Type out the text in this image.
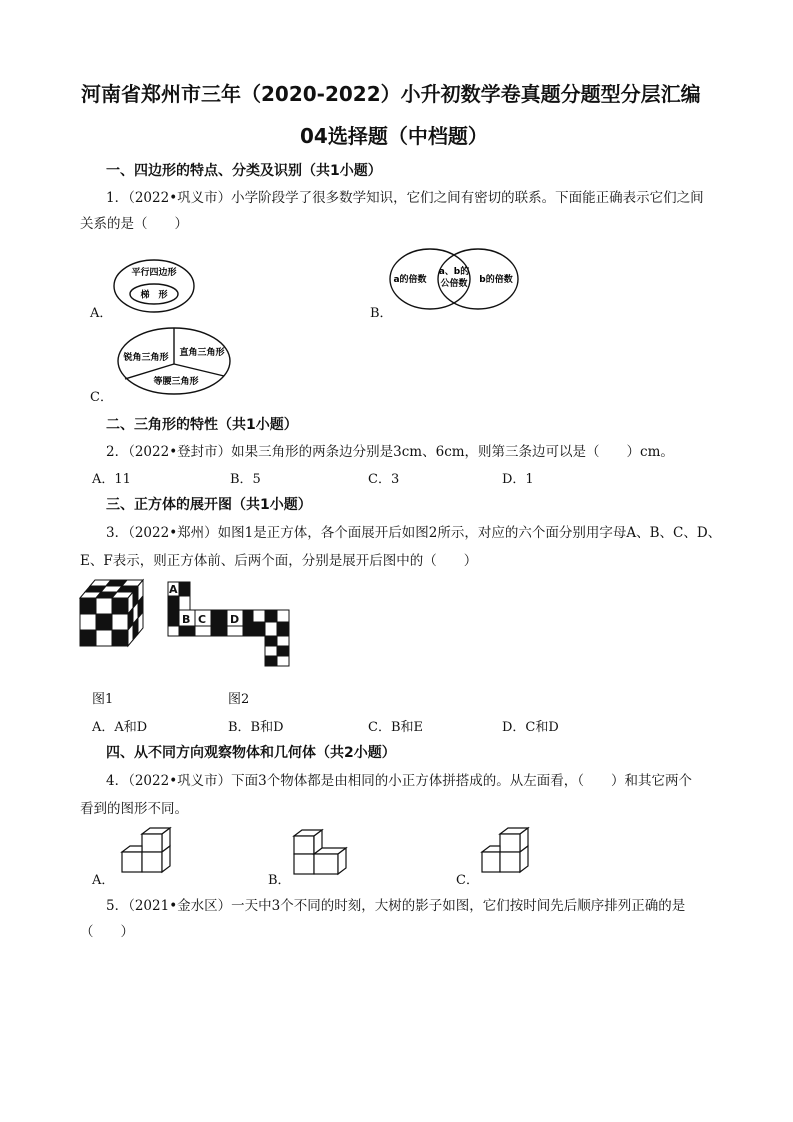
河南省郑州市三年（2020-2022）小升初数学卷真题分题型分层汇编
04选择题（中档题）
一、四边形的特点、分类及识别（共1小题）
1．（2022•巩义市）小学阶段学了很多数学知识，它们之间有密切的联系。下面能正确表示它们之间
关系的是（　　）
A．
平行四边形
梯　形
B．
a的倍数
a、b的
公倍数 b的倍数
C．
锐角三角形 直角三角形
等腰三角形
二、三角形的特性（共1小题）
2．（2022•登封市）如果三角形的两条边分别是3cm、6cm，则第三条边可以是（　　）cm。
A．11	B．5	C．3	D．1
三、正方体的展开图（共1小题）
3．（2022•郑州）如图1是正方体，各个面展开后如图2所示，对应的六个面分别用字母A、B、C、D、
E、F表示，则正方体前、后两个面，分别是展开后图中的（　　）
A
B C D
E
F
图1	图2
A．A和D	B．B和D	C．B和E	D．C和D
四、从不同方向观察物体和几何体（共2小题）
4．（2022•巩义市）下面3个物体都是由相同的小正方体拼搭成的。从左面看，（　　）和其它两个
看到的图形不同。
A．	B．	C．
5．（2021•金水区）一天中3个不同的时刻，大树的影子如图，它们按时间先后顺序排列正确的是
（　　）
